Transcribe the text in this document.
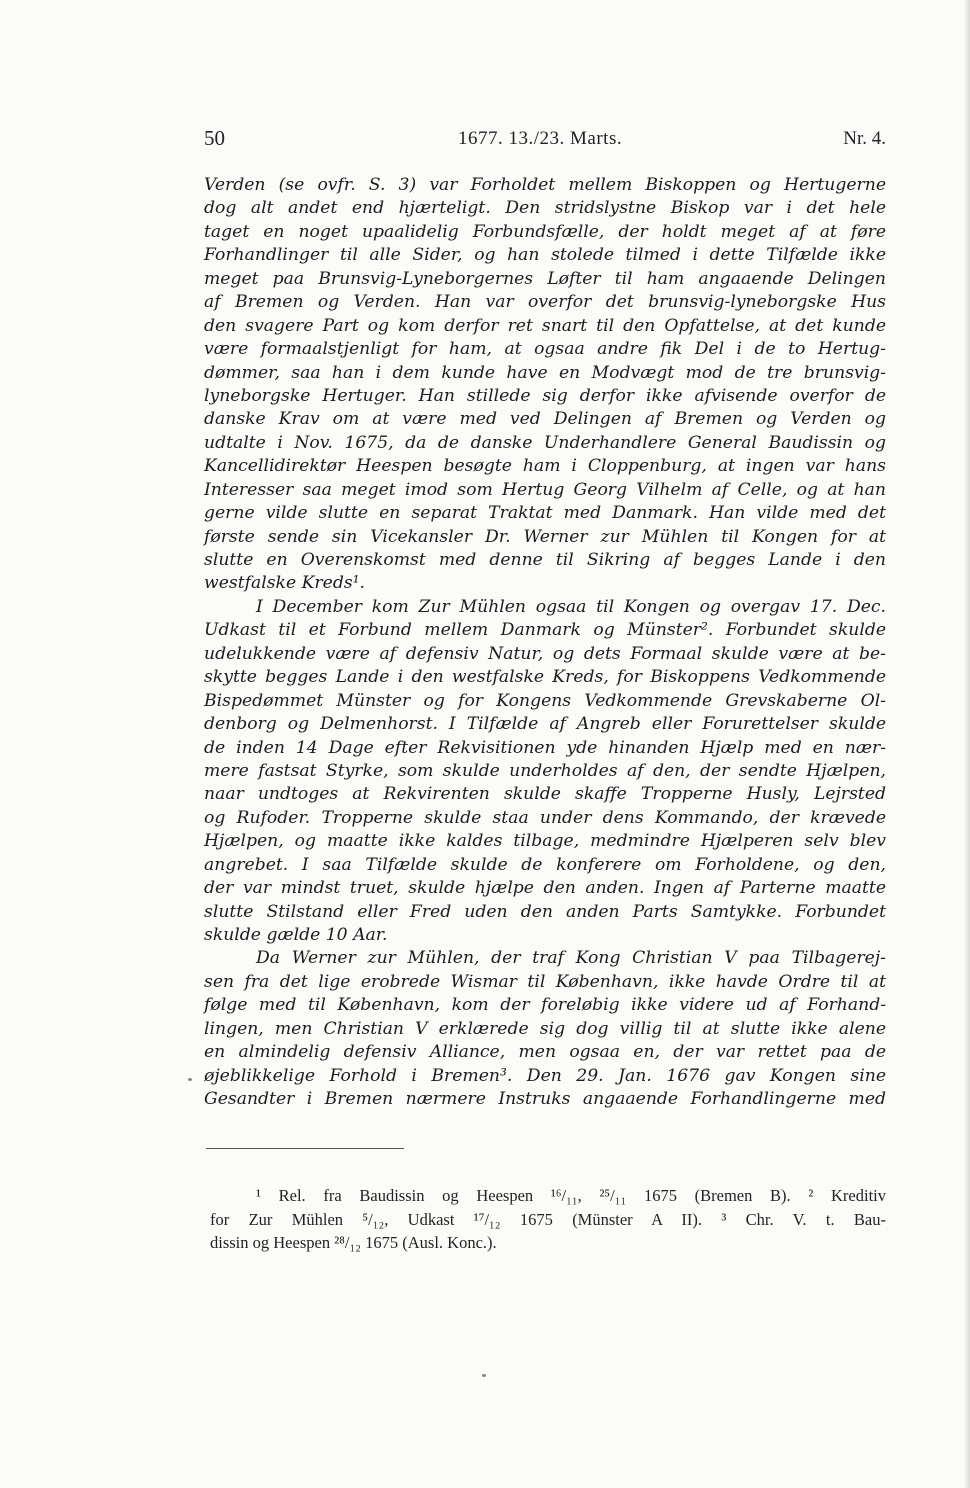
50	1677. 13./23. Marts.	Nr. 4.
Verden (se ovfr. S. 3) var Forholdet mellem Biskoppen og Hertugerne
dog alt andet end hjærteligt. Den stridslystne Biskop var i det hele
taget en noget upaalidelig Forbundsfælle, der holdt meget af at føre
Forhandlinger til alle Sider, og han stolede tilmed i dette Tilfælde ikke
meget paa Brunsvig-Lyneborgernes Løfter til ham angaaende Delingen
af Bremen og Verden. Han var overfor det brunsvig-lyneborgske Hus
den svagere Part og kom derfor ret snart til den Opfattelse, at det kunde
være formaalstjenligt for ham, at ogsaa andre fik Del i de to Hertug-
dømmer, saa han i dem kunde have en Modvægt mod de tre brunsvig-
lyneborgske Hertuger. Han stillede sig derfor ikke afvisende overfor de
danske Krav om at være med ved Delingen af Bremen og Verden og
udtalte i Nov. 1675, da de danske Underhandlere General Baudissin og
Kancellidirektør Heespen besøgte ham i Cloppenburg, at ingen var hans
Interesser saa meget imod som Hertug Georg Vilhelm af Celle, og at han
gerne vilde slutte en separat Traktat med Danmark. Han vilde med det
første sende sin Vicekansler Dr. Werner zur Mühlen til Kongen for at
slutte en Overenskomst med denne til Sikring af begges Lande i den
westfalske Kreds¹.
I December kom Zur Mühlen ogsaa til Kongen og overgav 17. Dec.
Udkast til et Forbund mellem Danmark og Münster². Forbundet skulde
udelukkende være af defensiv Natur, og dets Formaal skulde være at be-
skytte begges Lande i den westfalske Kreds, for Biskoppens Vedkommende
Bispedømmet Münster og for Kongens Vedkommende Grevskaberne Ol-
denborg og Delmenhorst. I Tilfælde af Angreb eller Forurettelser skulde
de inden 14 Dage efter Rekvisitionen yde hinanden Hjælp med en nær-
mere fastsat Styrke, som skulde underholdes af den, der sendte Hjælpen,
naar undtoges at Rekvirenten skulde skaffe Tropperne Husly, Lejrsted
og Rufoder. Tropperne skulde staa under dens Kommando, der krævede
Hjælpen, og maatte ikke kaldes tilbage, medmindre Hjælperen selv blev
angrebet. I saa Tilfælde skulde de konferere om Forholdene, og den,
der var mindst truet, skulde hjælpe den anden. Ingen af Parterne maatte
slutte Stilstand eller Fred uden den anden Parts Samtykke. Forbundet
skulde gælde 10 Aar.
Da Werner zur Mühlen, der traf Kong Christian V paa Tilbagerej-
sen fra det lige erobrede Wismar til København, ikke havde Ordre til at
følge med til København, kom der foreløbig ikke videre ud af Forhand-
lingen, men Christian V erklærede sig dog villig til at slutte ikke alene
en almindelig defensiv Alliance, men ogsaa en, der var rettet paa de
øjeblikkelige Forhold i Bremen³. Den 29. Jan. 1676 gav Kongen sine
Gesandter i Bremen nærmere Instruks angaaende Forhandlingerne med
¹ Rel. fra Baudissin og Heespen ¹⁶/₁₁, ²⁵/₁₁ 1675 (Bremen B). ² Kreditiv
for Zur Mühlen ⁵/₁₂, Udkast ¹⁷/₁₂ 1675 (Münster A II). ³ Chr. V. t. Bau-
dissin og Heespen ²⁸/₁₂ 1675 (Ausl. Konc.).
